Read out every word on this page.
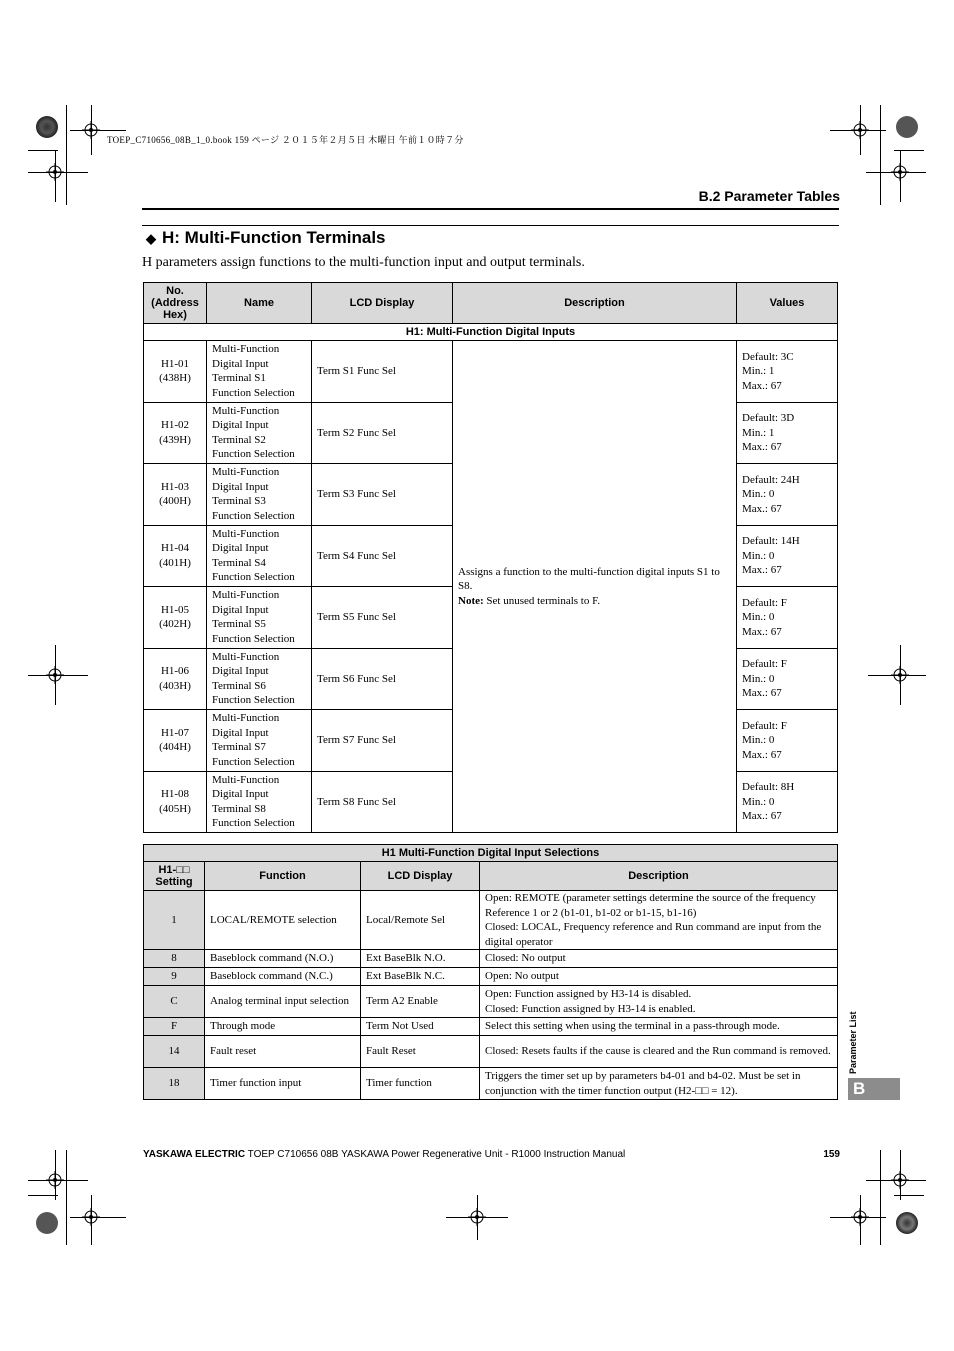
TOEP_C710656_08B_1_0.book 159 ページ ２０１５年２月５日 木曜日 午前１０時７分
B.2 Parameter Tables
◆ H: Multi-Function Terminals
H parameters assign functions to the multi-function input and output terminals.
No.
(Address
Hex)	Name	LCD Display	Description	Values
H1: Multi-Function Digital Inputs				
H1-01
(438H)	Multi-Function
Digital Input
Terminal S1
Function Selection	Term S1 Func Sel	Assigns a function to the multi-function digital inputs S1 to S8.
Note: Set unused terminals to F.	Default: 3C
Min.: 1
Max.: 67
H1-02
(439H)	Multi-Function
Digital Input
Terminal S2
Function Selection	Term S2 Func Sel		Default: 3D
Min.: 1
Max.: 67
H1-03
(400H)	Multi-Function
Digital Input
Terminal S3
Function Selection	Term S3 Func Sel		Default: 24H
Min.: 0
Max.: 67
H1-04
(401H)	Multi-Function
Digital Input
Terminal S4
Function Selection	Term S4 Func Sel		Default: 14H
Min.: 0
Max.: 67
H1-05
(402H)	Multi-Function
Digital Input
Terminal S5
Function Selection	Term S5 Func Sel		Default: F
Min.: 0
Max.: 67
H1-06
(403H)	Multi-Function
Digital Input
Terminal S6
Function Selection	Term S6 Func Sel		Default: F
Min.: 0
Max.: 67
H1-07
(404H)	Multi-Function
Digital Input
Terminal S7
Function Selection	Term S7 Func Sel		Default: F
Min.: 0
Max.: 67
H1-08
(405H)	Multi-Function
Digital Input
Terminal S8
Function Selection	Term S8 Func Sel		Default: 8H
Min.: 0
Max.: 67
H1 Multi-Function Digital Input Selections			
H1-□□
Setting	Function	LCD Display	Description
1	LOCAL/REMOTE selection	Local/Remote Sel	Open: REMOTE (parameter settings determine the source of the frequency Reference 1 or 2 (b1-01, b1-02 or b1-15, b1-16)
Closed: LOCAL, Frequency reference and Run command are input from the digital operator
8	Baseblock command (N.O.)	Ext BaseBlk N.O.	Closed: No output
9	Baseblock command (N.C.)	Ext BaseBlk N.C.	Open: No output
C	Analog terminal input selection	Term A2 Enable	Open: Function assigned by H3-14 is disabled.
Closed: Function assigned by H3-14 is enabled.
F	Through mode	Term Not Used	Select this setting when using the terminal in a pass-through mode.
14	Fault reset	Fault Reset	Closed: Resets faults if the cause is cleared and the Run command is removed.
18	Timer function input	Timer function	Triggers the timer set up by parameters b4-01 and b4-02. Must be set in conjunction with the timer function output (H2-□□ = 12).
Parameter List
B
YASKAWA ELECTRIC TOEP C710656 08B YASKAWA Power Regenerative Unit - R1000 Instruction Manual	159
